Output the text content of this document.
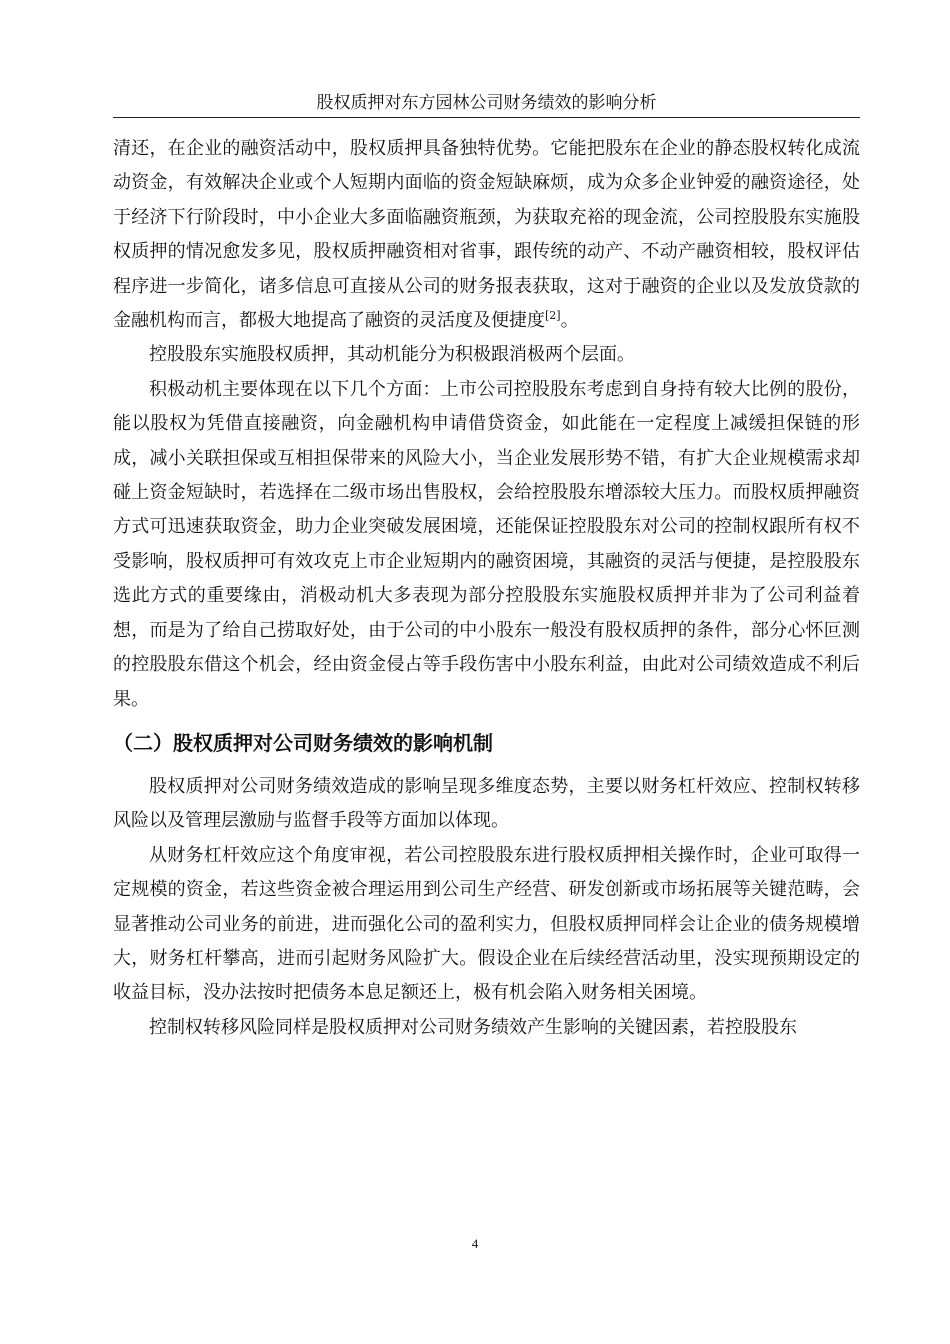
股权质押对东方园林公司财务绩效的影响分析

清还，在企业的融资活动中，股权质押具备独特优势。它能把股东在企业的静态股权转化成流动资金，有效解决企业或个人短期内面临的资金短缺麻烦，成为众多企业钟爱的融资途径，处于经济下行阶段时，中小企业大多面临融资瓶颈，为获取充裕的现金流，公司控股股东实施股权质押的情况愈发多见，股权质押融资相对省事，跟传统的动产、不动产融资相较，股权评估程序进一步简化，诸多信息可直接从公司的财务报表获取，这对于融资的企业以及发放贷款的金融机构而言，都极大地提高了融资的灵活度及便捷度[2]。

控股股东实施股权质押，其动机能分为积极跟消极两个层面。

积极动机主要体现在以下几个方面：上市公司控股股东考虑到自身持有较大比例的股份，能以股权为凭借直接融资，向金融机构申请借贷资金，如此能在一定程度上减缓担保链的形成，减小关联担保或互相担保带来的风险大小，当企业发展形势不错，有扩大企业规模需求却碰上资金短缺时，若选择在二级市场出售股权，会给控股股东增添较大压力。而股权质押融资方式可迅速获取资金，助力企业突破发展困境，还能保证控股股东对公司的控制权跟所有权不受影响，股权质押可有效攻克上市企业短期内的融资困境，其融资的灵活与便捷，是控股股东选此方式的重要缘由，消极动机大多表现为部分控股股东实施股权质押并非为了公司利益着想，而是为了给自己捞取好处，由于公司的中小股东一般没有股权质押的条件，部分心怀叵测的控股股东借这个机会，经由资金侵占等手段伤害中小股东利益，由此对公司绩效造成不利后果。

（二）股权质押对公司财务绩效的影响机制

股权质押对公司财务绩效造成的影响呈现多维度态势，主要以财务杠杆效应、控制权转移风险以及管理层激励与监督手段等方面加以体现。

从财务杠杆效应这个角度审视，若公司控股股东进行股权质押相关操作时，企业可取得一定规模的资金，若这些资金被合理运用到公司生产经营、研发创新或市场拓展等关键范畴，会显著推动公司业务的前进，进而强化公司的盈利实力，但股权质押同样会让企业的债务规模增大，财务杠杆攀高，进而引起财务风险扩大。假设企业在后续经营活动里，没实现预期设定的收益目标，没办法按时把债务本息足额还上，极有机会陷入财务相关困境。

控制权转移风险同样是股权质押对公司财务绩效产生影响的关键因素，若控股股东

4
